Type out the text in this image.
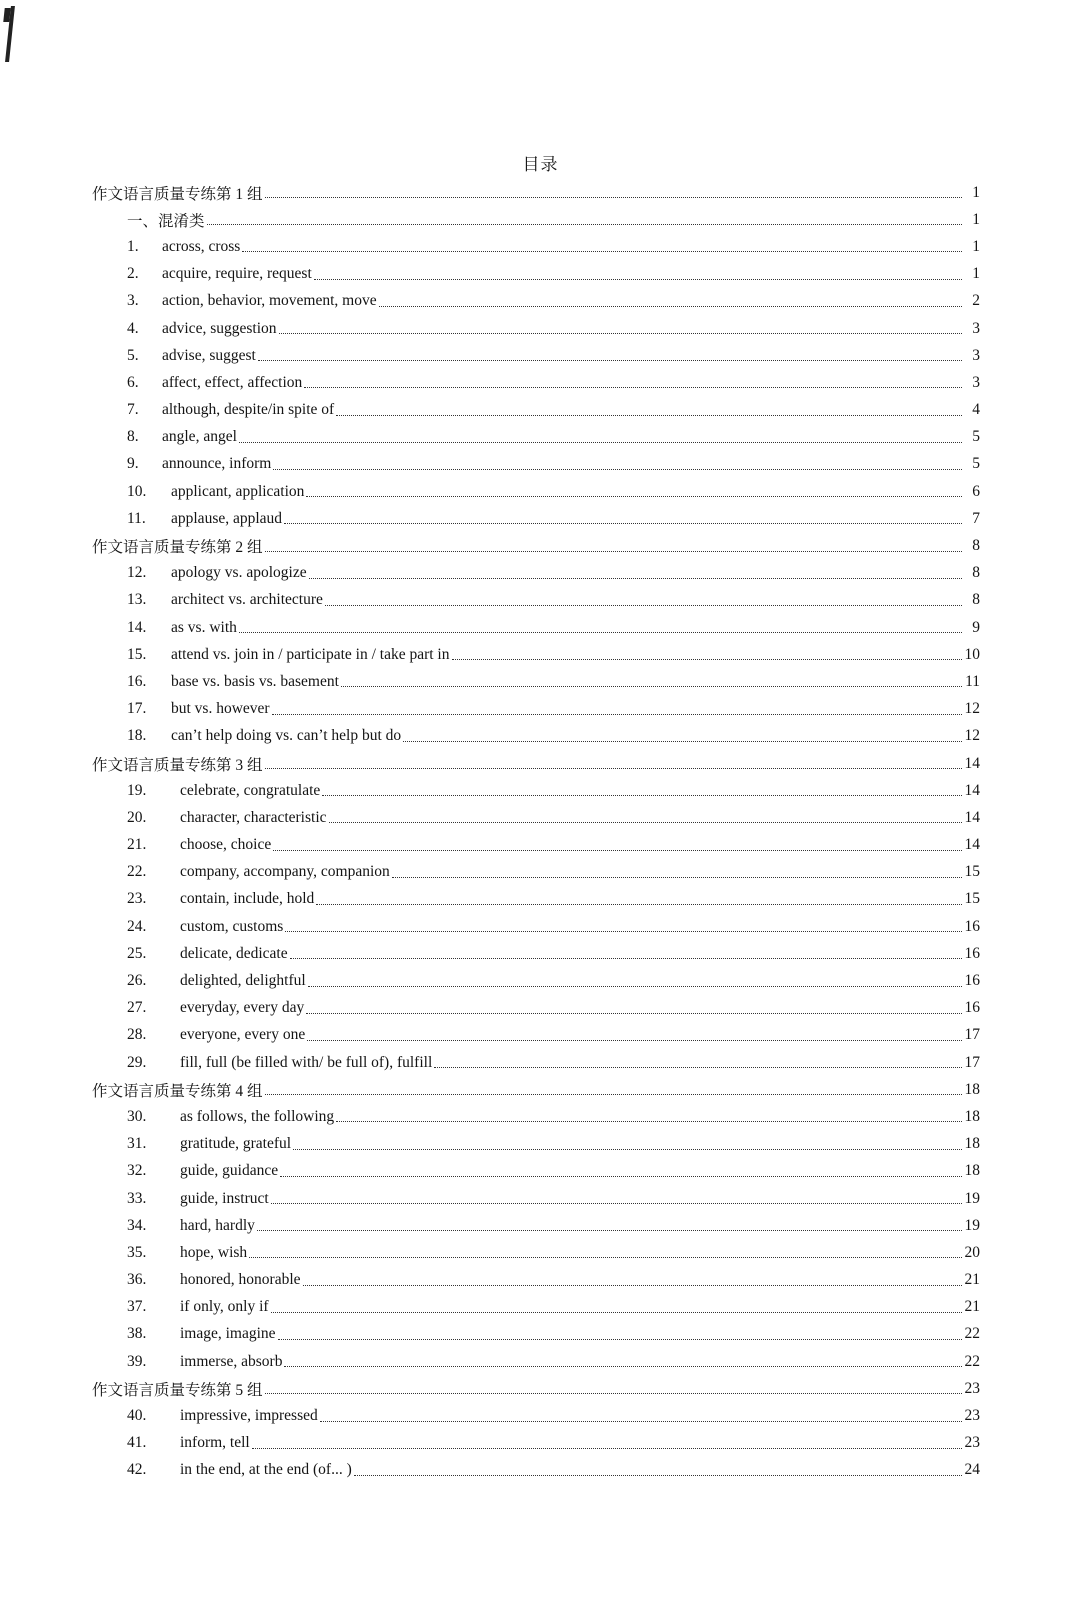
目录
作文语言质量专练第 1 组	1
一、混淆类	1
1.	across, cross	1
2.	acquire, require, request	1
3.	action, behavior, movement, move	2
4.	advice, suggestion	3
5.	advise, suggest	3
6.	affect, effect, affection	3
7.	although, despite/in spite of	4
8.	angle, angel	5
9.	announce, inform	5
10.	applicant, application	6
11.	applause, applaud	7
作文语言质量专练第 2 组	8
12.	apology vs. apologize	8
13.	architect vs. architecture	8
14.	as vs. with	9
15.	attend vs. join in / participate in / take part in	10
16.	base vs. basis vs. basement	11
17.	but vs. however	12
18.	can’t help doing vs. can’t help but do	12
作文语言质量专练第 3 组	14
19.	celebrate, congratulate	14
20.	character, characteristic	14
21.	choose, choice	14
22.	company, accompany, companion	15
23.	contain, include, hold	15
24.	custom, customs	16
25.	delicate, dedicate	16
26.	delighted, delightful	16
27.	everyday, every day	16
28.	everyone, every one	17
29.	fill, full (be filled with/ be full of), fulfill	17
作文语言质量专练第 4 组	18
30.	as follows, the following	18
31.	gratitude, grateful	18
32.	guide, guidance	18
33.	guide, instruct	19
34.	hard, hardly	19
35.	hope, wish	20
36.	honored, honorable	21
37.	if only, only if	21
38.	image, imagine	22
39.	immerse, absorb	22
作文语言质量专练第 5 组	23
40.	impressive, impressed	23
41.	inform, tell	23
42.	in the end, at the end (of... )	24
